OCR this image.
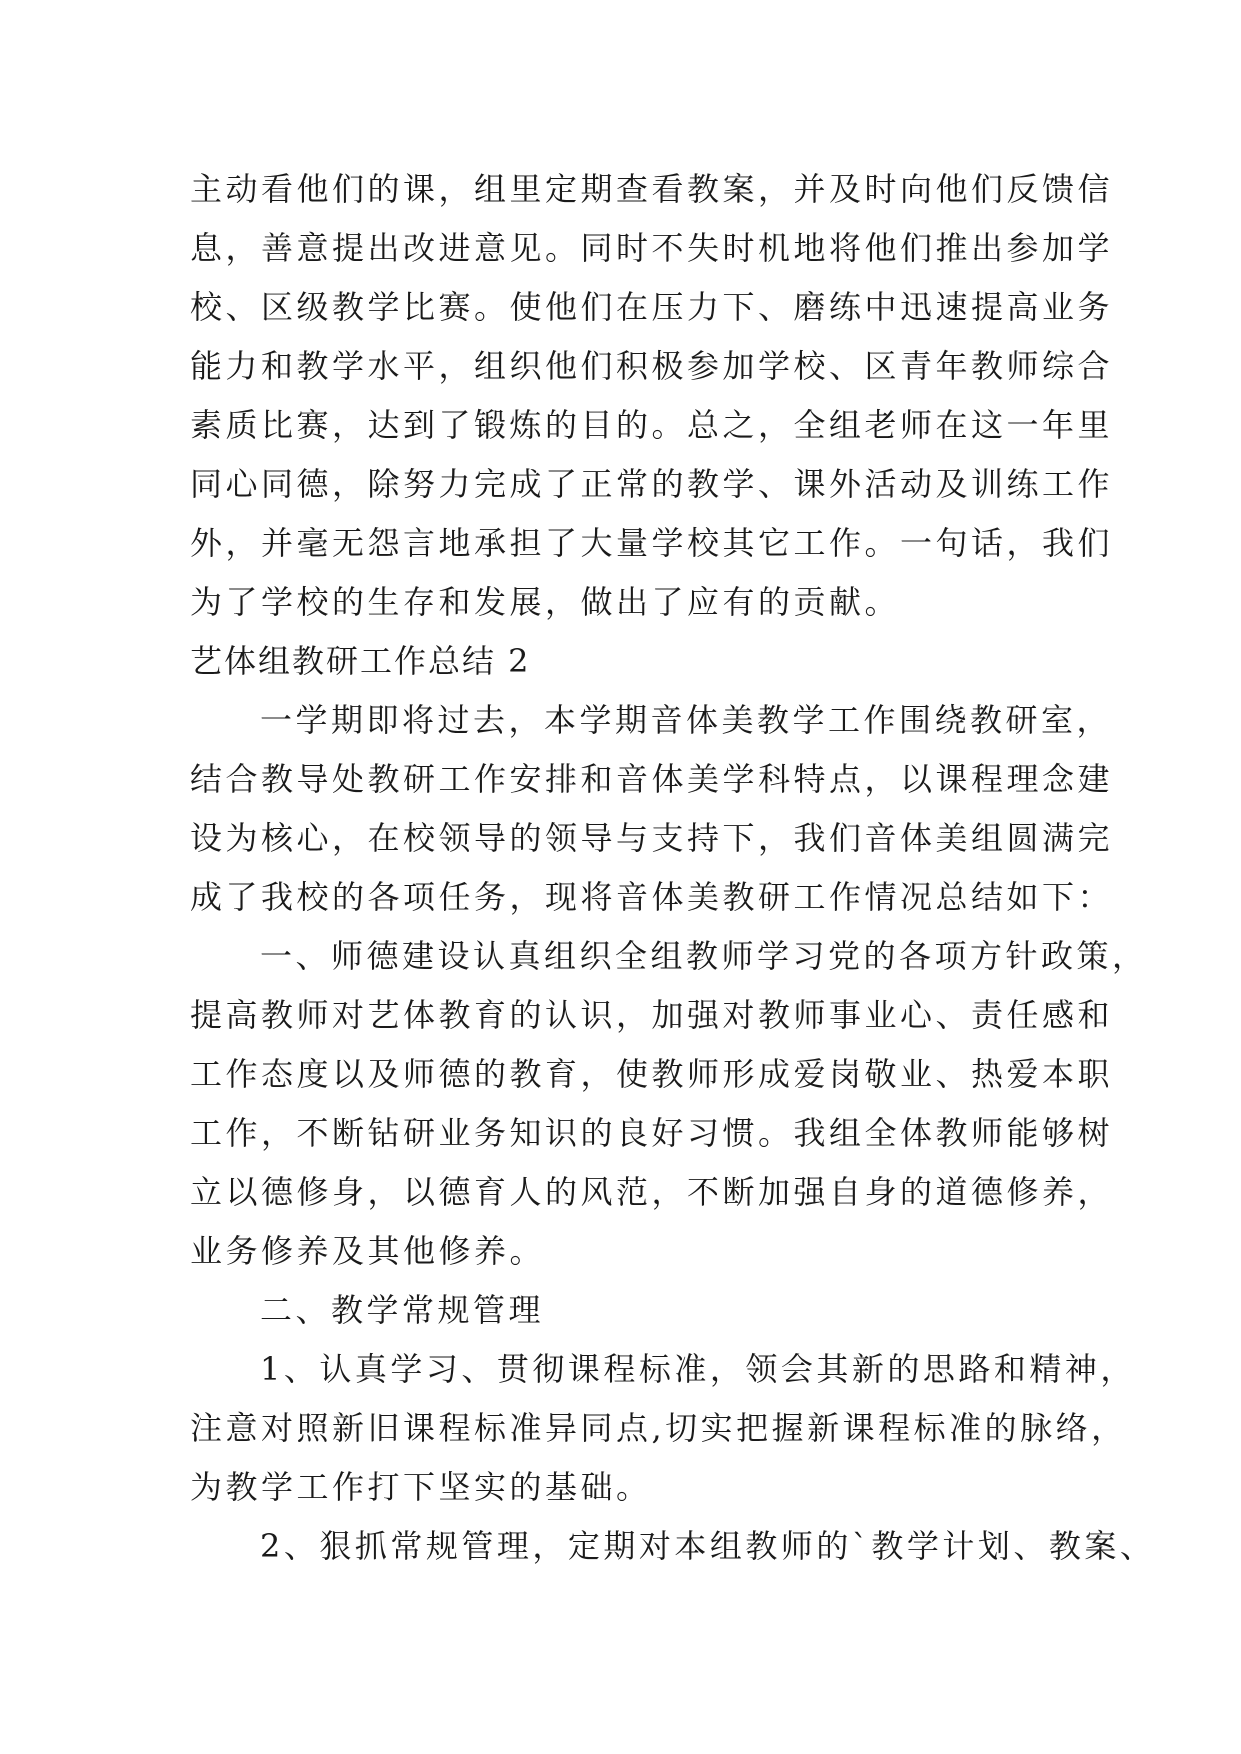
主动看他们的课，组里定期查看教案，并及时向他们反馈信
息，善意提出改进意见。同时不失时机地将他们推出参加学
校、区级教学比赛。使他们在压力下、磨练中迅速提高业务
能力和教学水平，组织他们积极参加学校、区青年教师综合
素质比赛，达到了锻炼的目的。总之，全组老师在这一年里
同心同德，除努力完成了正常的教学、课外活动及训练工作
外，并毫无怨言地承担了大量学校其它工作。一句话，我们
为了学校的生存和发展，做出了应有的贡献。
艺体组教研工作总结 2
一学期即将过去，本学期音体美教学工作围绕教研室，
结合教导处教研工作安排和音体美学科特点，以课程理念建
设为核心，在校领导的领导与支持下，我们音体美组圆满完
成了我校的各项任务，现将音体美教研工作情况总结如下：
一、师德建设认真组织全组教师学习党的各项方针政策，
提高教师对艺体教育的认识，加强对教师事业心、责任感和
工作态度以及师德的教育，使教师形成爱岗敬业、热爱本职
工作，不断钻研业务知识的良好习惯。我组全体教师能够树
立以德修身，以德育人的风范，不断加强自身的道德修养，
业务修养及其他修养。
二、教学常规管理
1、认真学习、贯彻课程标准，领会其新的思路和精神，
注意对照新旧课程标准异同点,切实把握新课程标准的脉络，
为教学工作打下坚实的基础。
2、狠抓常规管理，定期对本组教师的`教学计划、教案、
